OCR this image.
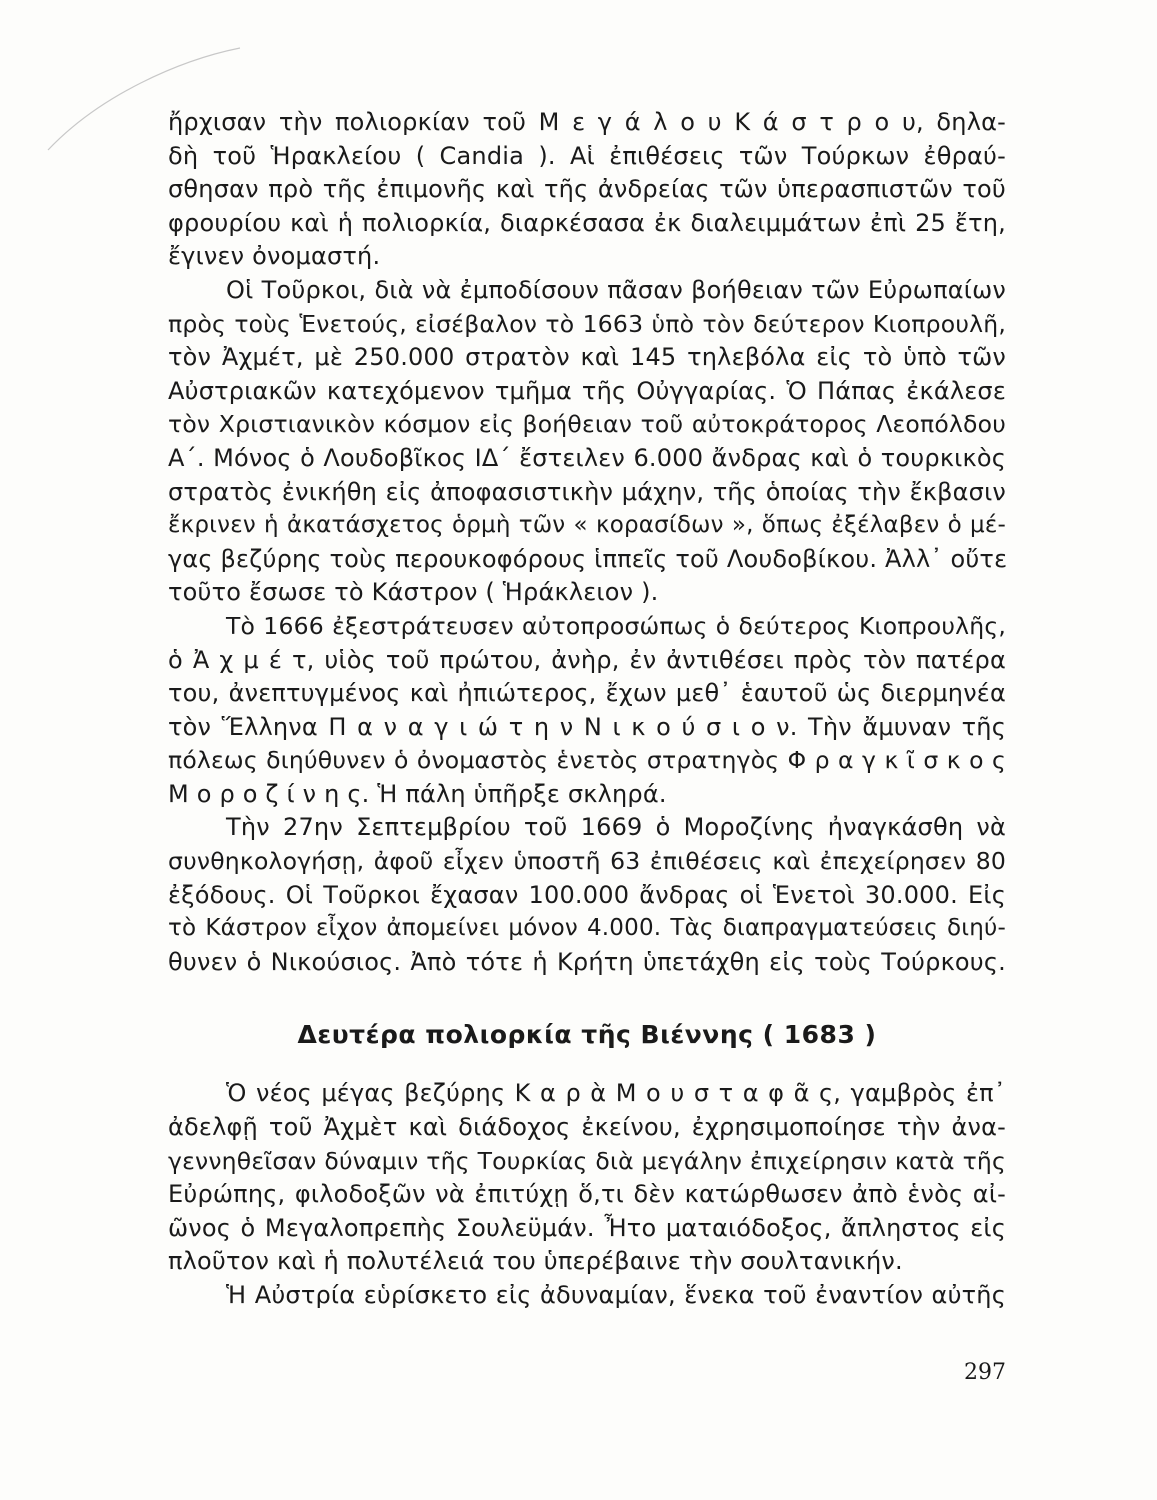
ἤρχισαν τὴν πολιορκίαν τοῦ Μ ε γ ά λ ο υ Κ ά σ τ ρ ο υ, δηλα-
δὴ τοῦ Ἡρακλείου ( Candia ). Αἱ ἐπιθέσεις τῶν Τούρκων ἐθραύ-
σθησαν πρὸ τῆς ἐπιμονῆς καὶ τῆς ἀνδρείας τῶν ὑπερασπιστῶν τοῦ
φρουρίου καὶ ἡ πολιορκία, διαρκέσασα ἐκ διαλειμμάτων ἐπὶ 25 ἔτη,
ἔγινεν ὀνομαστή.
Οἱ Τοῦρκοι, διὰ νὰ ἐμποδίσουν πᾶσαν βοήθειαν τῶν Εὐρωπαίων
πρὸς τοὺς Ἑνετούς, εἰσέβαλον τὸ 1663 ὑπὸ τὸν δεύτερον Κιοπρουλῆ,
τὸν Ἀχμέτ, μὲ 250.000 στρατὸν καὶ 145 τηλεβόλα εἰς τὸ ὑπὸ τῶν
Αὐστριακῶν κατεχόμενον τμῆμα τῆς Οὐγγαρίας. Ὁ Πάπας ἐκάλεσε
τὸν Χριστιανικὸν κόσμον εἰς βοήθειαν τοῦ αὐτοκράτορος Λεοπόλδου
Α΄. Μόνος ὁ Λουδοβῖκος ΙΔ΄ ἔστειλεν 6.000 ἄνδρας καὶ ὁ τουρκικὸς
στρατὸς ἐνικήθη εἰς ἀποφασιστικὴν μάχην, τῆς ὁποίας τὴν ἔκβασιν
ἔκρινεν ἡ ἀκατάσχετος ὁρμὴ τῶν « κορασίδων », ὅπως ἐξέλαβεν ὁ μέ-
γας βεζύρης τοὺς περουκοφόρους ἱππεῖς τοῦ Λουδοβίκου. Ἀλλ᾽ οὔτε
τοῦτο ἔσωσε τὸ Κάστρον ( Ἡράκλειον ).
Τὸ 1666 ἐξεστράτευσεν αὐτοπροσώπως ὁ δεύτερος Κιοπρουλῆς,
ὁ Ἀ χ μ έ τ, υἱὸς τοῦ πρώτου, ἀνὴρ, ἐν ἀντιθέσει πρὸς τὸν πατέρα
του, ἀνεπτυγμένος καὶ ἠπιώτερος, ἔχων μεθ᾽ ἑαυτοῦ ὡς διερμηνέα
τὸν Ἕλληνα Π α ν α γ ι ώ τ η ν Ν ι κ ο ύ σ ι ο ν. Τὴν ἄμυναν τῆς
πόλεως διηύθυνεν ὁ ὀνομαστὸς ἑνετὸς στρατηγὸς Φ ρ α γ κ ῖ σ κ ο ς
Μ ο ρ ο ζ ί ν η ς. Ἡ πάλη ὑπῆρξε σκληρά.
Τὴν 27ην Σεπτεμβρίου τοῦ 1669 ὁ Μοροζίνης ἠναγκάσθη νὰ
συνθηκολογήσῃ, ἀφοῦ εἶχεν ὑποστῆ 63 ἐπιθέσεις καὶ ἐπεχείρησεν 80
ἐξόδους. Οἱ Τοῦρκοι ἔχασαν 100.000 ἄνδρας οἱ Ἑνετοὶ 30.000. Εἰς
τὸ Κάστρον εἶχον ἀπομείνει μόνον 4.000. Τὰς διαπραγματεύσεις διηύ-
θυνεν ὁ Νικούσιος. Ἀπὸ τότε ἡ Κρήτη ὑπετάχθη εἰς τοὺς Τούρκους.
Δευτέρα πολιορκία τῆς Βιέννης ( 1683 )
Ὁ νέος μέγας βεζύρης Κ α ρ ὰ Μ ο υ σ τ α φ ᾶ ς, γαμβρὸς ἐπ᾽
ἀδελφῇ τοῦ Ἀχμὲτ καὶ διάδοχος ἐκείνου, ἐχρησιμοποίησε τὴν ἀνα-
γεννηθεῖσαν δύναμιν τῆς Τουρκίας διὰ μεγάλην ἐπιχείρησιν κατὰ τῆς
Εὐρώπης, φιλοδοξῶν νὰ ἐπιτύχῃ ὅ,τι δὲν κατώρθωσεν ἀπὸ ἑνὸς αἰ-
ῶνος ὁ Μεγαλοπρεπὴς Σουλεϋμάν. Ἦτο ματαιόδοξος, ἄπληστος εἰς
πλοῦτον καὶ ἡ πολυτέλειά του ὑπερέβαινε τὴν σουλτανικήν.
Ἡ Αὐστρία εὑρίσκετο εἰς ἀδυναμίαν, ἕνεκα τοῦ ἐναντίον αὐτῆς
297
